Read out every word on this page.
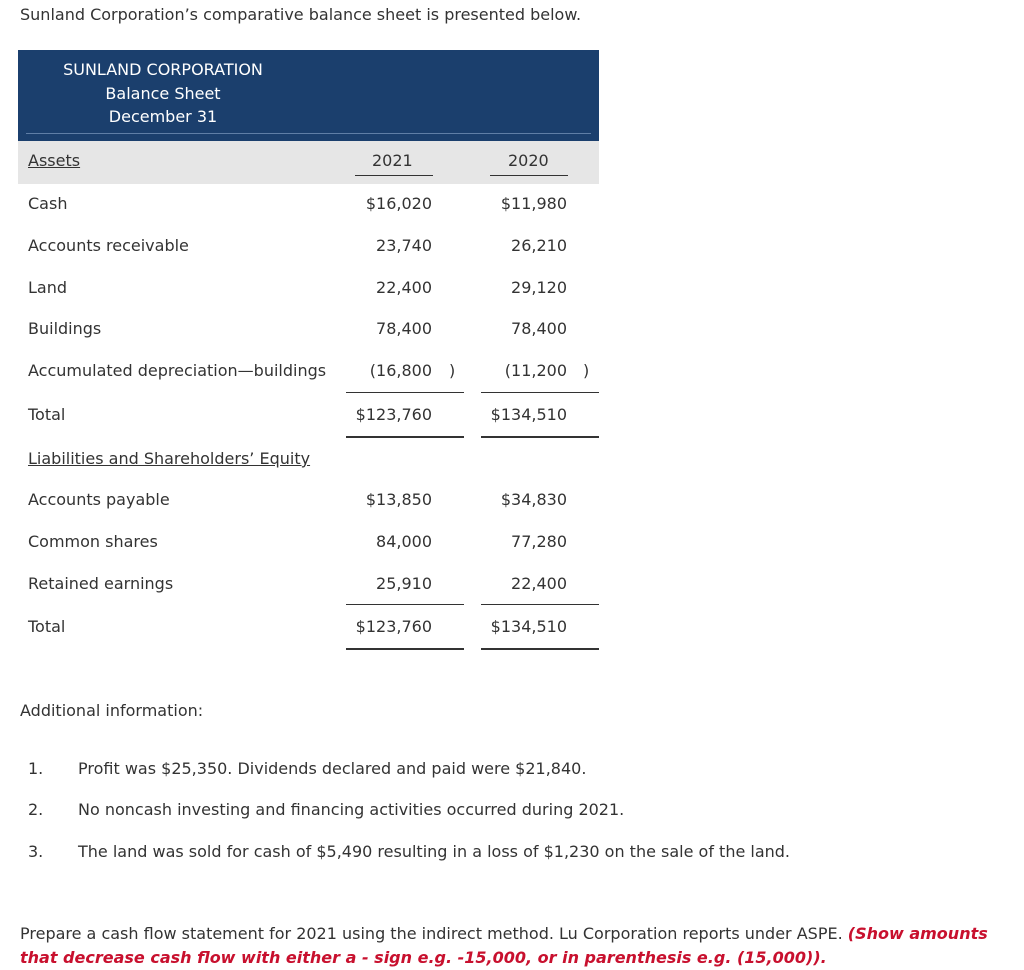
Sunland Corporation’s comparative balance sheet is presented below.
SUNLAND CORPORATION
Balance Sheet
December 31
Assets	2021	2020
Cash	$16,020	$11,980
Accounts receivable	23,740	26,210
Land	22,400	29,120
Buildings	78,400	78,400
Accumulated depreciation—buildings	(16,800 )	(11,200 )
Total	$123,760	$134,510
Liabilities and Shareholders’ Equity
Accounts payable	$13,850	$34,830
Common shares	84,000	77,280
Retained earnings	25,910	22,400
Total	$123,760	$134,510
Additional information:
1. Profit was $25,350. Dividends declared and paid were $21,840.
2. No noncash investing and financing activities occurred during 2021.
3. The land was sold for cash of $5,490 resulting in a loss of $1,230 on the sale of the land.
Prepare a cash flow statement for 2021 using the indirect method. Lu Corporation reports under ASPE. (Show amounts that decrease cash flow with either a - sign e.g. -15,000, or in parenthesis e.g. (15,000)).
